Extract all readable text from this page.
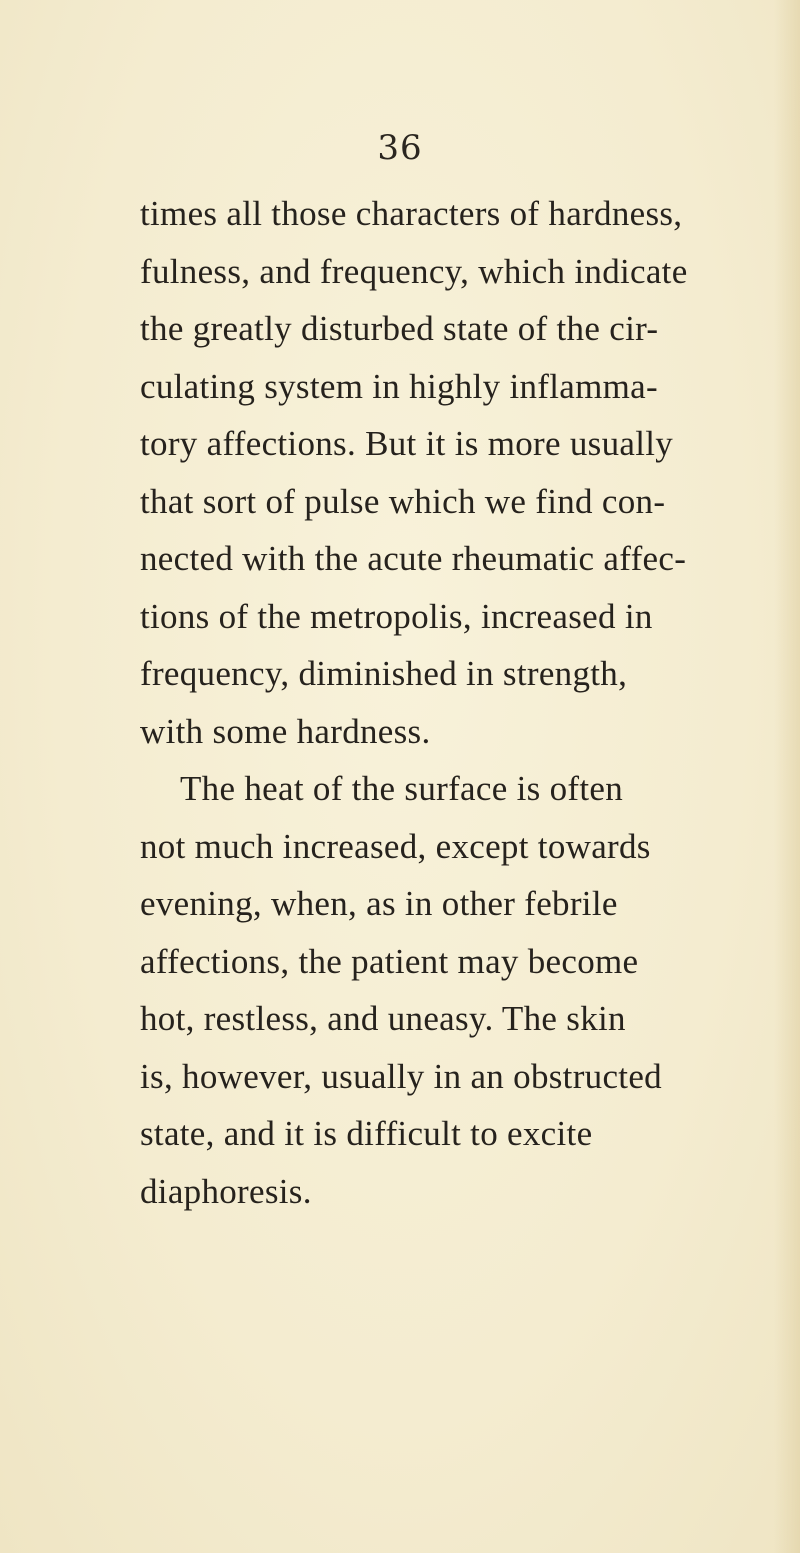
36
times all those characters of hardness,
fulness, and frequency, which indicate
the greatly disturbed state of the cir-
culating system in highly inflamma-
tory affections. But it is more usually
that sort of pulse which we find con-
nected with the acute rheumatic affec-
tions of the metropolis, increased in
frequency, diminished in strength,
with some hardness.
The heat of the surface is often
not much increased, except towards
evening, when, as in other febrile
affections, the patient may become
hot, restless, and uneasy. The skin
is, however, usually in an obstructed
state, and it is difficult to excite
diaphoresis.
